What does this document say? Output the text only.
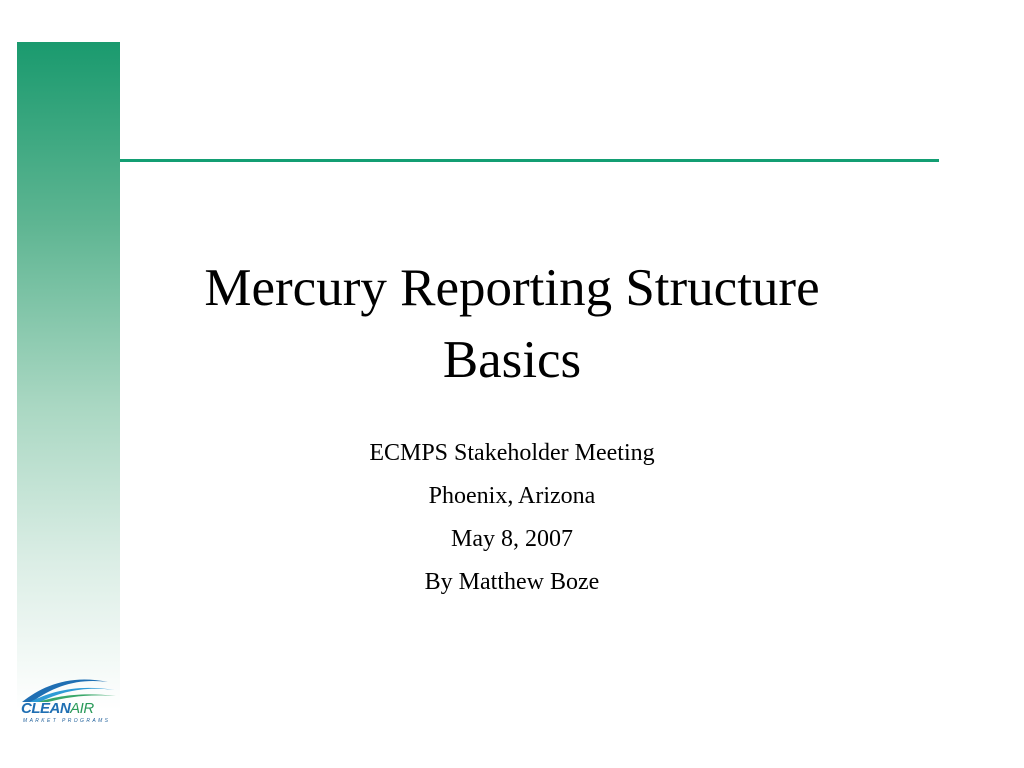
Mercury Reporting Structure
Basics
ECMPS Stakeholder Meeting
Phoenix, Arizona
May 8, 2007
By Matthew Boze
CLEANAIR
MARKET PROGRAMS
